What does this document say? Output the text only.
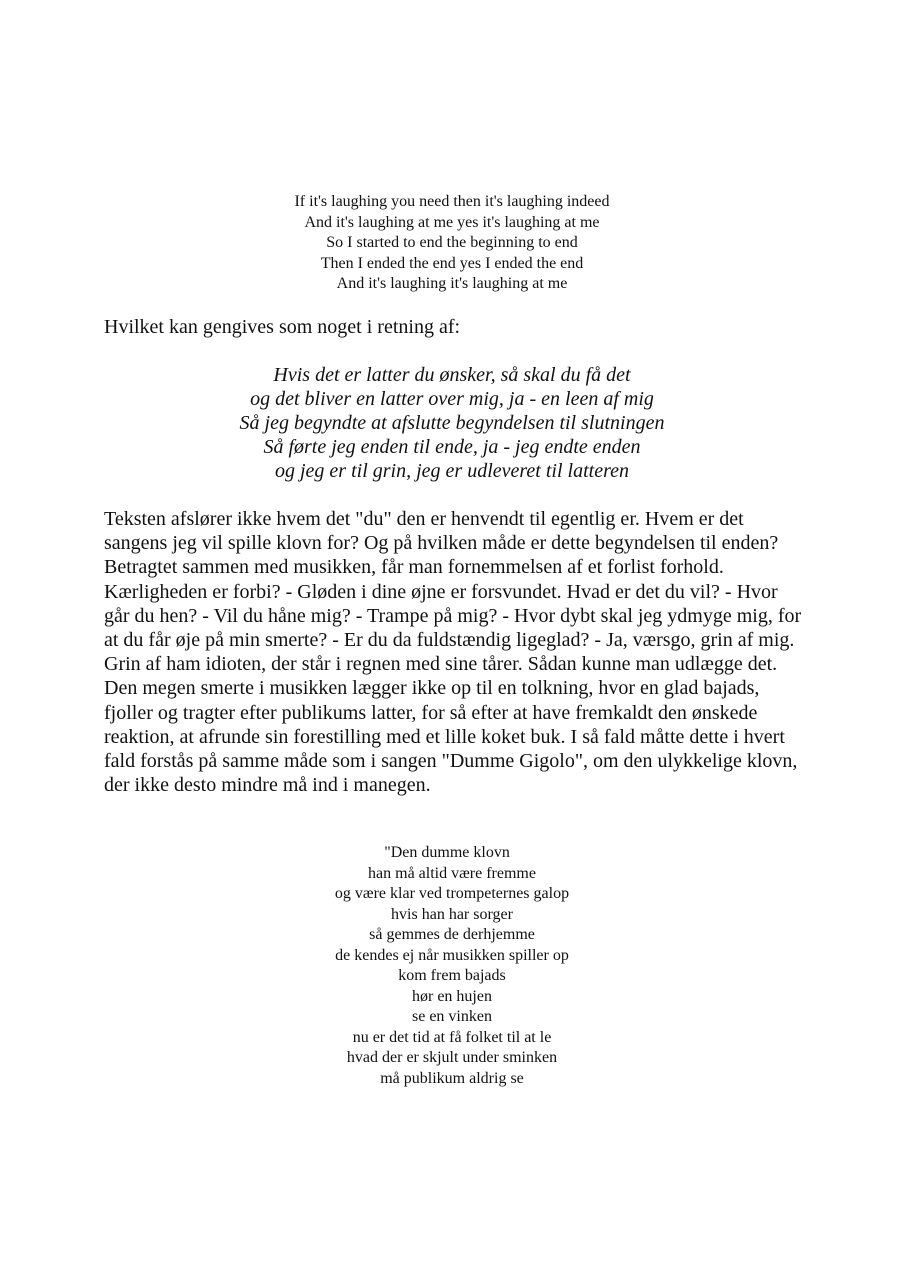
If it's laughing you need then it's laughing indeed
And it's laughing at me yes it's laughing at me
So I started to end the beginning to end
Then I ended the end yes I ended the end
And it's laughing it's laughing at me
Hvilket kan gengives som noget i retning af:
Hvis det er latter du ønsker, så skal du få det
og det bliver en latter over mig, ja - en leen af mig
Så jeg begyndte at afslutte begyndelsen til slutningen
Så førte jeg enden til ende, ja - jeg endte enden
og jeg er til grin, jeg er udleveret til latteren
Teksten afslører ikke hvem det "du" den er henvendt til egentlig er. Hvem er det sangens jeg vil spille klovn for? Og på hvilken måde er dette begyndelsen til enden? Betragtet sammen med musikken, får man fornemmelsen af et forlist forhold. Kærligheden er forbi? - Gløden i dine øjne er forsvundet. Hvad er det du vil? - Hvor går du hen? - Vil du håne mig? - Trampe på mig? - Hvor dybt skal jeg ydmyge mig, for at du får øje på min smerte? - Er du da fuldstændig ligeglad? - Ja, værsgo, grin af mig. Grin af ham idioten, der står i regnen med sine tårer. Sådan kunne man udlægge det. Den megen smerte i musikken lægger ikke op til en tolkning, hvor en glad bajads, fjoller og tragter efter publikums latter, for så efter at have fremkaldt den ønskede reaktion, at afrunde sin forestilling med et lille koket buk. I så fald måtte dette i hvert fald forstås på samme måde som i sangen "Dumme Gigolo", om den ulykkelige klovn, der ikke desto mindre må ind i manegen.
"Den dumme klovn
han må altid være fremme
og være klar ved trompeternes galop
hvis han har sorger
så gemmes de derhjemme
de kendes ej når musikken spiller op
kom frem bajads
hør en hujen
se en vinken
nu er det tid at få folket til at le
hvad der er skjult under sminken
må publikum aldrig se
